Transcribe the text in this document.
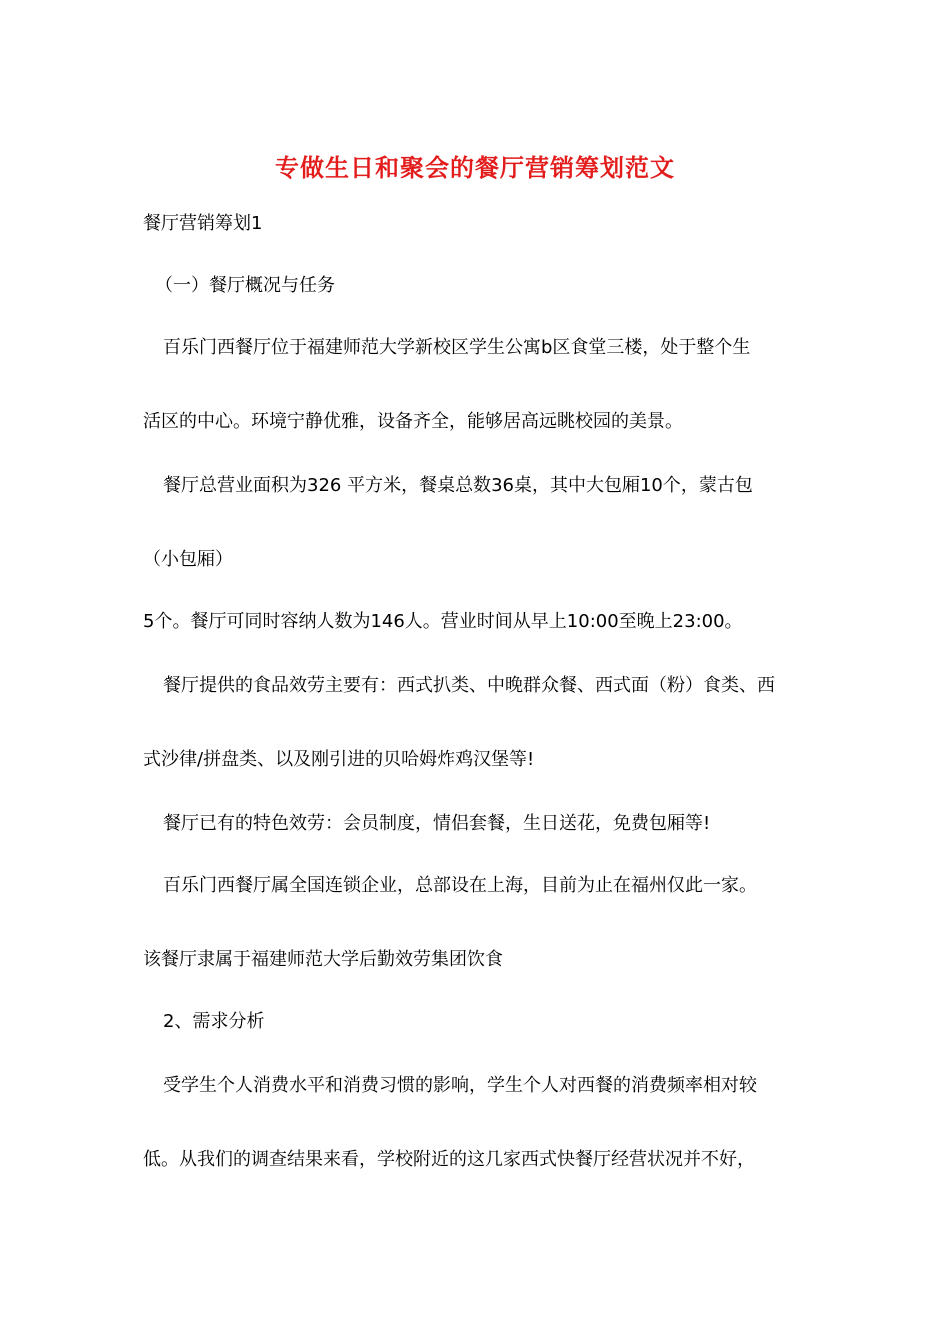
专做生日和聚会的餐厅营销筹划范文
餐厅营销筹划1
（一）餐厅概况与任务
百乐门西餐厅位于福建师范大学新校区学生公寓b区食堂三楼，处于整个生
活区的中心。环境宁静优雅，设备齐全，能够居高远眺校园的美景。
餐厅总营业面积为326 平方米，餐桌总数36桌，其中大包厢10个，蒙古包
（小包厢）
5个。餐厅可同时容纳人数为146人。营业时间从早上10:00至晚上23:00。
餐厅提供的食品效劳主要有：西式扒类、中晚群众餐、西式面（粉）食类、西
式沙律/拼盘类、以及刚引进的贝哈姆炸鸡汉堡等!
餐厅已有的特色效劳：会员制度，情侣套餐，生日送花，免费包厢等!
百乐门西餐厅属全国连锁企业，总部设在上海，目前为止在福州仅此一家。
该餐厅隶属于福建师范大学后勤效劳集团饮食
2、需求分析
受学生个人消费水平和消费习惯的影响，学生个人对西餐的消费频率相对较
低。从我们的调查结果来看，学校附近的这几家西式快餐厅经营状况并不好，
